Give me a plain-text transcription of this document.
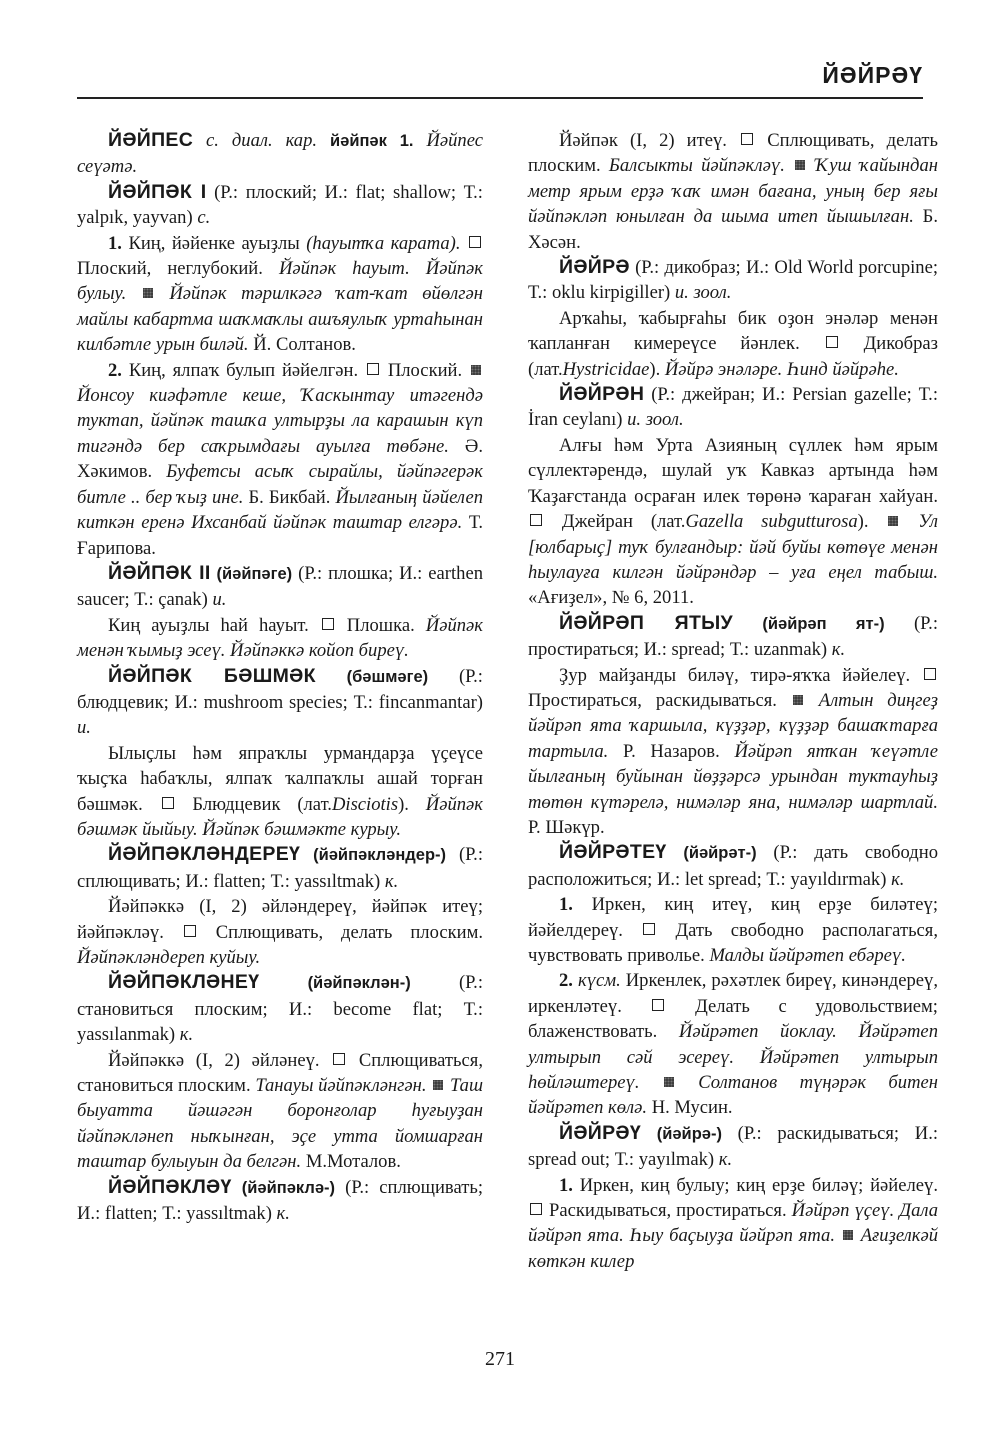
ЙӘЙРӘҮ

ЙӘЙПЕС с. диал. кар. йәйпәк 1. Йәйпес сеүәтә.

ЙӘЙПӘК I (Р.: плоский; И.: flat; shallow; Т.: yalpık, yayvan) с.

1. Киң, йәйенке ауыҙлы (һауытҡа карата).  Плоский, неглубокий. Йәйпәк һауыт. Йәйпәк булыу. Йәйпәк тәрилкәгә ҡат-ҡат өйөлгән майлы кабартма шаҡмаҡлы ашъяулыҡ уртаһынан килбәтле урын биләй. Й. Солтанов.

2. Киң, ялпаҡ булып йәйелгән. Плоский.  Йонсоу киәфәтле кеше, Ҡаскынтау итәгендә туктап, йәйпәк ташҡа ултырҙы ла карашын күп тигәндә бер саҡрымдағы ауылға төбәне. Ә. Хәкимов. Буфетсы асыҡ сырайлы, йәйпәгерәк битле .. бер ҡыҙ ине. Б. Бикбай. Йылғаның йәйелеп киткән еренә Ихсанбай йәйпәк таштар елгәрә. Т. Ғарипова.

ЙӘЙПӘК II (йәйпәге) (Р.: плошка; И.: earthen saucer; Т.: çanak) и.

Киң ауыҙлы һай һауыт. Плошка. Йәйпәк менән ҡымыҙ эсеү. Йәйпәккә койоп биреү.

ЙӘЙПӘК БӘШМӘК (бәшмәге) (Р.: блюдцевик; И.: mushroom species; Т.: fincanmantar) и.

Ылыҫлы һәм япраҡлы урмандарҙа үҫеүсе ҡыҫҡа һабаҡлы, ялпаҡ ҡалпаҡлы ашай торған бәшмәк.	Блюдцевик (лат.Disciotis). Йәйпәк бәшмәк йыйыу. Йәйпәк бәшмәкте курыу.

ЙӘЙПӘКЛӘНДЕРЕҮ (йәйпәкләндер-) (Р.: сплющивать; И.: flatten; Т.: yassıltmak) к.

Йәйпәккә (I, 2) әйләндереү, йәйпәк итеү; йәйпәкләү.	Сплющивать, делать плоским. Йәйпәкләндереп куйыу.

ЙӘЙПӘКЛӘНЕҮ	(йәйпәклән-)	(Р.: становиться плоским; И.: become flat; Т.: yassılanmak) к.

Йәйпәккә (I, 2) әйләнеү. Сплющиваться, становиться плоским. Танауы йәйпәкләнгән. Таш быуатта йәшәгән боронғолар һуғыуҙан йәйпәкләнеп ныҡынған, эҫе утта йомшарған таштар булыуын да белгән. М.Моталов.

ЙӘЙПӘКЛӘҮ (йәйпәклә-) (Р.: сплющивать; И.: flatten; Т.: yassıltmak) к.

Йәйпәк (I, 2) итеү. Сплющивать, делать плоским. Балсыкты йәйпәкләү. Ҡуш ҡайындан метр ярым ерҙә ҡаҡ имән бағана, уның бер яғы йәйпәкләп юнылған да шыма итеп йышылған. Б. Хәсән.

ЙӘЙРӘ (Р.: дикобраз; И.: Old World porcupine; Т.: oklu kirpigiller) и. зоол.

Арҡаһы, ҡабырғаһы бик оҙон энәләр менән ҡапланған кимереүсе йәнлек.	Дикобраз (лат.Hystricidae). Йәйрә энәләре. Һинд йәйрәһе.

ЙӘЙРӘН (Р.: джейран; И.: Persian gazelle; Т.: İran ceylanı) и. зоол.

Алғы һәм Урта Азияның сүллек һәм ярым сүллектәрендә, шулай уҡ Кавказ артында һәм Ҡаҙағстанда осраған илек төрөнә ҡараған хайуан.  Джейран (лат.Gazella subgutturosa).	Ул [юлбарыҫ] туҡ булғандыр: йәй буйы көтөүе менән һыулауға килгән йәйрәндәр – уға еңел табыш. «Ағиҙел», № 6, 2011.

ЙӘЙРӘП ЯТЫУ (йәйрәп ят-) (Р.: простираться; И.: spread; Т.: uzanmak) к.

Ҙур майҙанды биләү, тирә-яҡҡа йәйелеү.  Простираться, раскидываться. Алтын диңгеҙ йәйрәп ята ҡаршыла, күҙҙәр, күҙҙәр башаҡтарға тартыла. Р. Назаров. Йәйрәп ятҡан ҡеүәтле йылғаның буйынан йөҙҙәрсә урындан туктауһыҙ төтөн күтәрелә, нимәләр яна, нимәләр шартлай. Р. Шәкүр.

ЙӘЙРӘТЕҮ (йәйрәт-) (Р.: дать свободно расположиться; И.: let spread; Т.: yayıldırmak) к.

1. Иркен, киң итеү, киң ерҙе биләтеү; йәйелдереү.	Дать свободно располагаться, чувствовать приволье. Малды йәйрәтеп ебәреү.

2. күсм. Иркенлек, рәхәтлек биреү, кинәндереү, иркенләтеү.	Делать с удовольствием; блаженствовать. Йәйрәтеп йоклау. Йәйрәтеп ултырып сәй эсереү. Йәйрәтеп ултырып һөйләштереү.	Солтанов түңәрәк битен йәйрәтеп көлә. Н. Мусин.

ЙӘЙРӘҮ (йәйрә-) (Р.: раскидываться; И.: spread out; Т.: yayılmak) к.

1. Иркен, киң булыу; киң ерҙе биләү; йәйелеү.  Раскидываться, простираться. Йәйрәп үҫеү. Дала йәйрәп ята. Һыу баҫыуҙа йәйрәп ята. Ағиҙелкәй көткән килер

271
